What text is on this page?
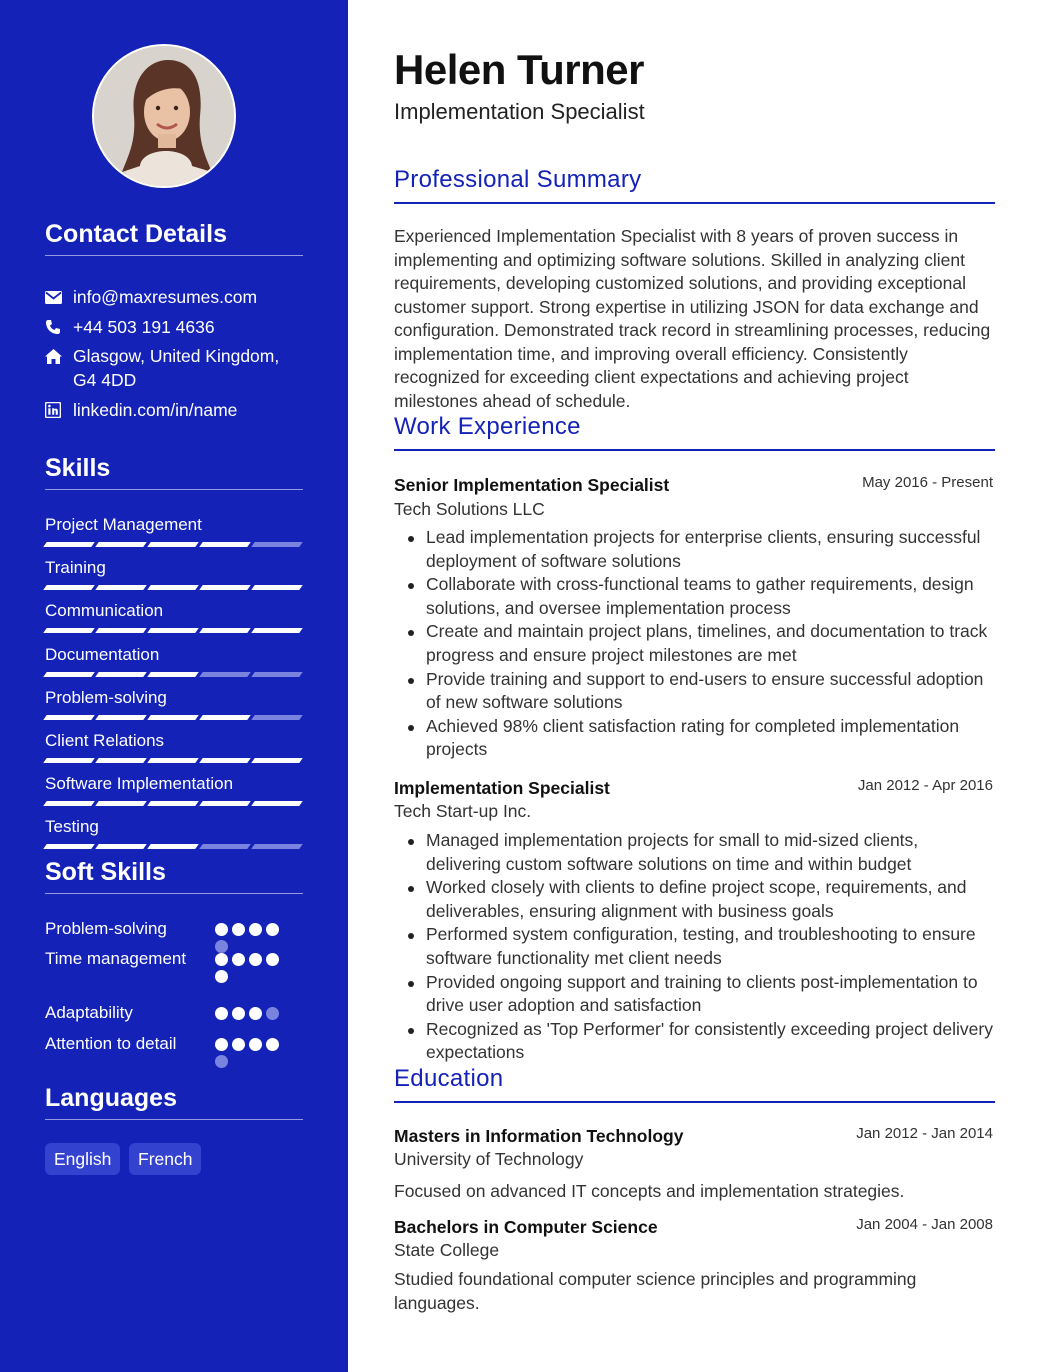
Contact Details
info@maxresumes.com
+44 503 191 4636
Glasgow, United Kingdom, G4 4DD
linkedin.com/in/name
Skills
Project Management
Training
Communication
Documentation
Problem-solving
Client Relations
Software Implementation
Testing
Soft Skills
Problem-solving
Time management
Adaptability
Attention to detail
Languages
English	French
Helen Turner
Implementation Specialist
Professional Summary

Experienced Implementation Specialist with 8 years of proven success in implementing and optimizing software solutions. Skilled in analyzing client requirements, developing customized solutions, and providing exceptional customer support. Strong expertise in utilizing JSON for data exchange and configuration. Demonstrated track record in streamlining processes, reducing implementation time, and improving overall efficiency. Consistently recognized for exceeding client expectations and achieving project milestones ahead of schedule.

Work Experience
Senior Implementation Specialist	May 2016 - Present
Tech Solutions LLC
Lead implementation projects for enterprise clients, ensuring successful deployment of software solutions
Collaborate with cross-functional teams to gather requirements, design solutions, and oversee implementation process
Create and maintain project plans, timelines, and documentation to track progress and ensure project milestones are met
Provide training and support to end-users to ensure successful adoption of new software solutions
Achieved 98% client satisfaction rating for completed implementation projects
Implementation Specialist	Jan 2012 - Apr 2016
Tech Start-up Inc.
Managed implementation projects for small to mid-sized clients, delivering custom software solutions on time and within budget
Worked closely with clients to define project scope, requirements, and deliverables, ensuring alignment with business goals
Performed system configuration, testing, and troubleshooting to ensure software functionality met client needs
Provided ongoing support and training to clients post-implementation to drive user adoption and satisfaction
Recognized as 'Top Performer' for consistently exceeding project delivery expectations
Education
Masters in Information Technology	Jan 2012 - Jan 2014
University of Technology

Focused on advanced IT concepts and implementation strategies.

Bachelors in Computer Science	Jan 2004 - Jan 2008
State College

Studied foundational computer science principles and programming languages.
